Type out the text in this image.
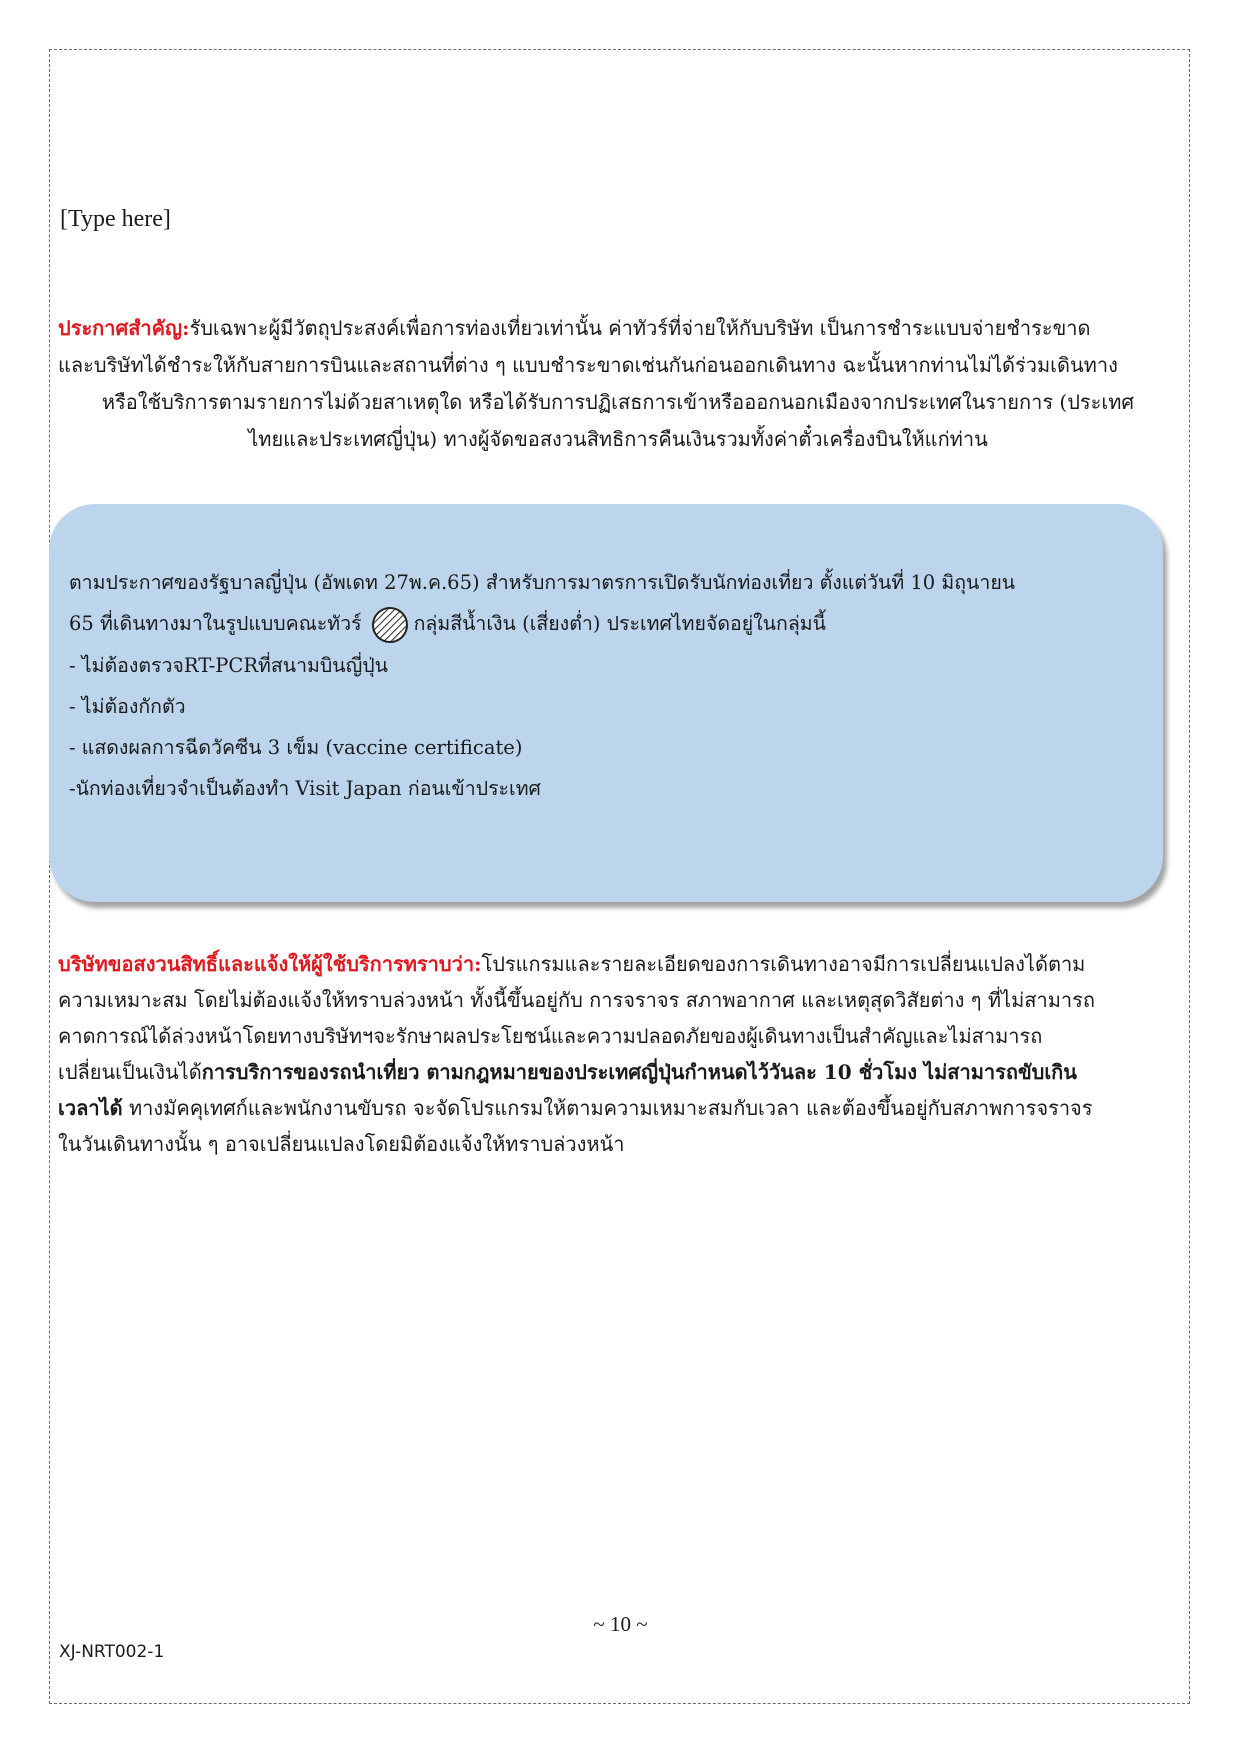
[Type here]
ประกาศสำคัญ:รับเฉพาะผู้มีวัตถุประสงค์เพื่อการท่องเที่ยวเท่านั้น ค่าทัวร์ที่จ่ายให้กับบริษัท เป็นการชำระแบบจ่ายชำระขาด
และบริษัทได้ชำระให้กับสายการบินและสถานที่ต่าง ๆ แบบชำระขาดเช่นกันก่อนออกเดินทาง ฉะนั้นหากท่านไม่ได้ร่วมเดินทาง
หรือใช้บริการตามรายการไม่ด้วยสาเหตุใด หรือได้รับการปฏิเสธการเข้าหรือออกนอกเมืองจากประเทศในรายการ (ประเทศ
ไทยและประเทศญี่ปุ่น) ทางผู้จัดขอสงวนสิทธิการคืนเงินรวมทั้งค่าตั๋วเครื่องบินให้แก่ท่าน
ตามประกาศของรัฐบาลญี่ปุ่น (อัพเดท 27พ.ค.65) สำหรับการมาตรการเปิดรับนักท่องเที่ยว ตั้งแต่วันที่ 10 มิถุนายน
65 ที่เดินทางมาในรูปแบบคณะทัวร์	กลุ่มสีน้ำเงิน (เสี่ยงต่ำ) ประเทศไทยจัดอยู่ในกลุ่มนี้
- ไม่ต้องตรวจRT-PCRที่สนามบินญี่ปุ่น
- ไม่ต้องกักตัว
- แสดงผลการฉีดวัคซีน 3 เข็ม (vaccine certificate)
-นักท่องเที่ยวจำเป็นต้องทำ Visit Japan ก่อนเข้าประเทศ
บริษัทขอสงวนสิทธิ์และแจ้งให้ผู้ใช้บริการทราบว่า:โปรแกรมและรายละเอียดของการเดินทางอาจมีการเปลี่ยนแปลงได้ตาม
ความเหมาะสม โดยไม่ต้องแจ้งให้ทราบล่วงหน้า ทั้งนี้ขึ้นอยู่กับ การจราจร สภาพอากาศ และเหตุสุดวิสัยต่าง ๆ ที่ไม่สามารถ
คาดการณ์ได้ล่วงหน้าโดยทางบริษัทฯจะรักษาผลประโยชน์และความปลอดภัยของผู้เดินทางเป็นสำคัญและไม่สามารถ
เปลี่ยนเป็นเงินได้การบริการของรถนำเที่ยว ตามกฎหมายของประเทศญี่ปุ่นกำหนดไว้วันละ 10 ชั่วโมง ไม่สามารถขับเกิน
เวลาได้ ทางมัคคุเทศก์และพนักงานขับรถ จะจัดโปรแกรมให้ตามความเหมาะสมกับเวลา และต้องขึ้นอยู่กับสภาพการจราจร
ในวันเดินทางนั้น ๆ อาจเปลี่ยนแปลงโดยมิต้องแจ้งให้ทราบล่วงหน้า
~ 10 ~
XJ-NRT002-1
